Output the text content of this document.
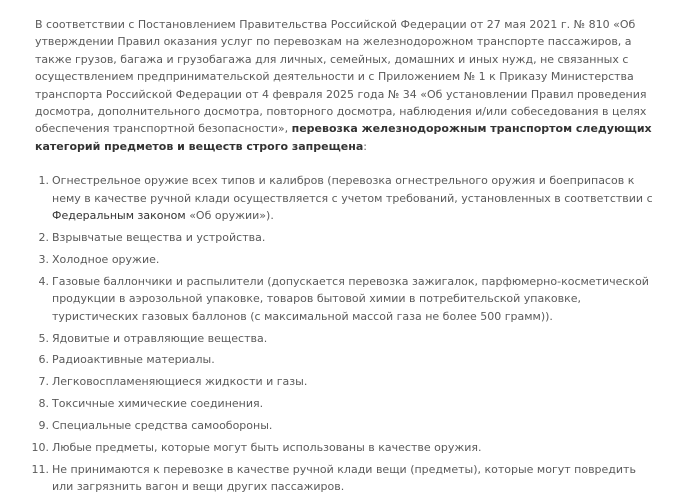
В соответствии с Постановлением Правительства Российской Федерации от 27 мая 2021 г. № 810 «Об утверждении Правил оказания услуг по перевозкам на железнодорожном транспорте пассажиров, а также грузов, багажа и грузобагажа для личных, семейных, домашних и иных нужд, не связанных с осуществлением предпринимательской деятельности и с Приложением № 1 к Приказу Министерства транспорта Российской Федерации от 4 февраля 2025 года № 34 «Об установлении Правил проведения досмотра, дополнительного досмотра, повторного досмотра, наблюдения и/или собеседования в целях обеспечения транспортной безопасности», перевозка железнодорожным транспортом следующих категорий предметов и веществ строго запрещена:

1. Огнестрельное оружие всех типов и калибров (перевозка огнестрельного оружия и боеприпасов к нему в качестве ручной клади осуществляется с учетом требований, установленных в соответствии с Федеральным законом «Об оружии»).
2. Взрывчатые вещества и устройства.
3. Холодное оружие.
4. Газовые баллончики и распылители (допускается перевозка зажигалок, парфюмерно-косметической продукции в аэрозольной упаковке, товаров бытовой химии в потребительской упаковке, туристических газовых баллонов (с максимальной массой газа не более 500 грамм)).
5. Ядовитые и отравляющие вещества.
6. Радиоактивные материалы.
7. Легковоспламеняющиеся жидкости и газы.
8. Токсичные химические соединения.
9. Специальные средства самообороны.
10. Любые предметы, которые могут быть использованы в качестве оружия.
11. Не принимаются к перевозке в качестве ручной клади вещи (предметы), которые могут повредить или загрязнить вагон и вещи других пассажиров.
